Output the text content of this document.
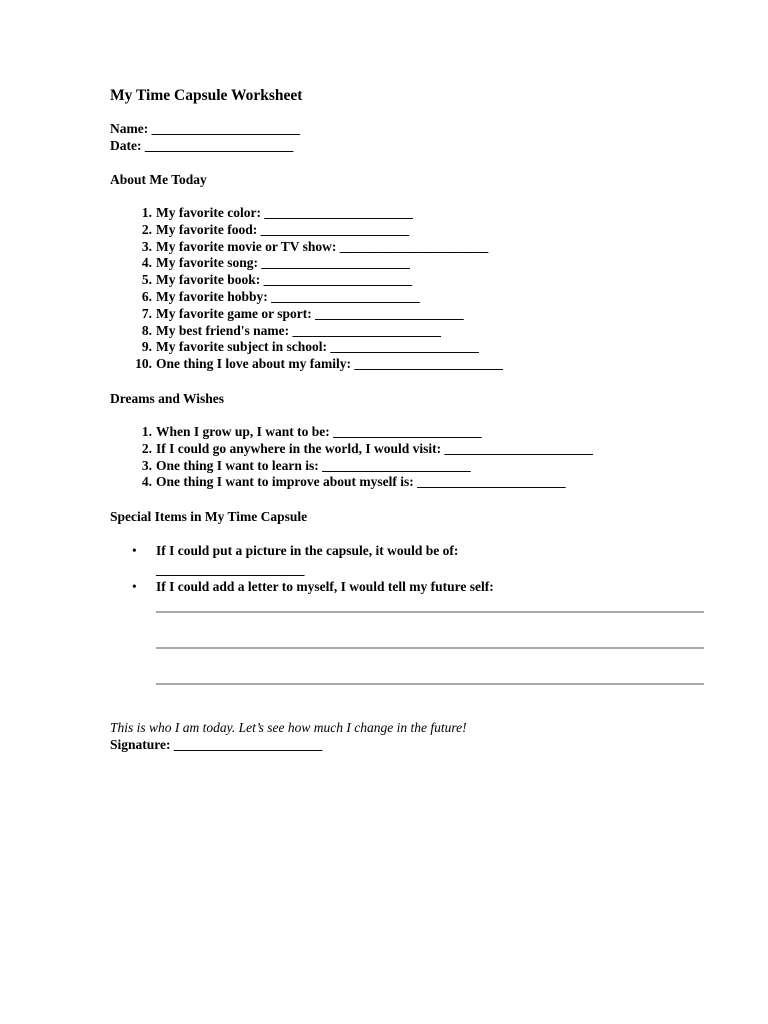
My Time Capsule Worksheet
Name: ______________________
Date: ______________________
About Me Today
1. My favorite color: ______________________
2. My favorite food: ______________________
3. My favorite movie or TV show: ______________________
4. My favorite song: ______________________
5. My favorite book: ______________________
6. My favorite hobby: ______________________
7. My favorite game or sport: ______________________
8. My best friend's name: ______________________
9. My favorite subject in school: ______________________
10. One thing I love about my family: ______________________
Dreams and Wishes
1. When I grow up, I want to be: ______________________
2. If I could go anywhere in the world, I would visit: ______________________
3. One thing I want to learn is: ______________________
4. One thing I want to improve about myself is: ______________________
Special Items in My Time Capsule
• If I could put a picture in the capsule, it would be of:
______________________
• If I could add a letter to myself, I would tell my future self:
This is who I am today. Let’s see how much I change in the future!
Signature: ______________________
